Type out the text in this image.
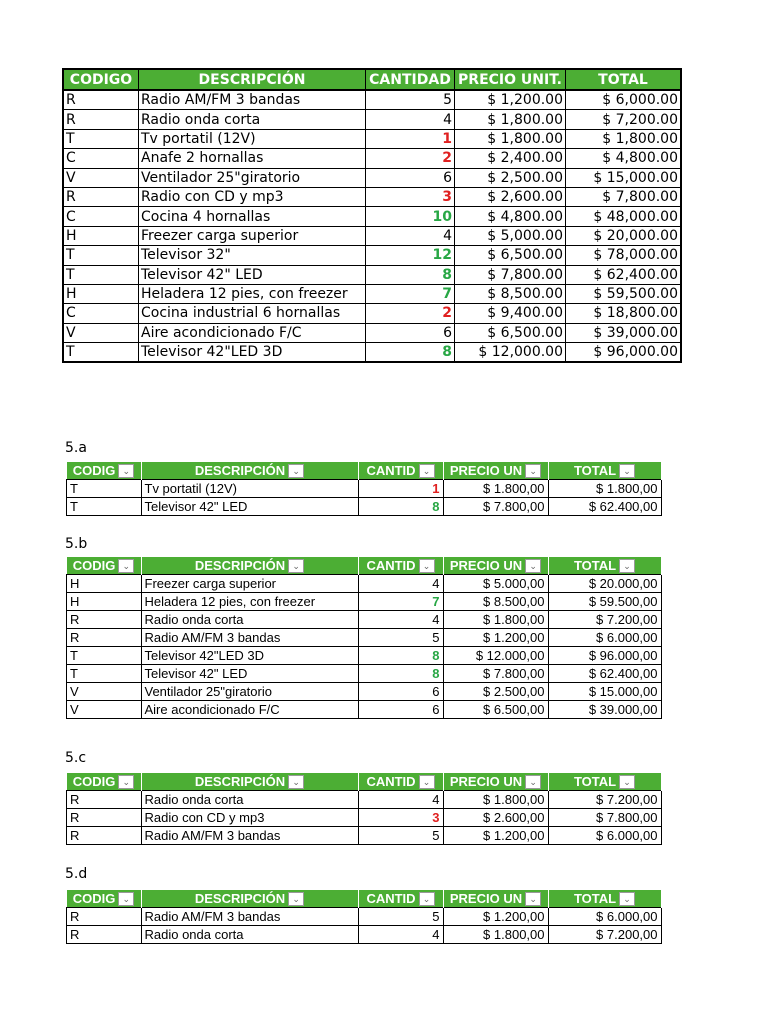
CODIGO	DESCRIPCIÓN	CANTIDAD	PRECIO UNIT.	TOTAL
R	Radio AM/FM 3 bandas	5	$ 1,200.00	$ 6,000.00
R	Radio onda corta	4	$ 1,800.00	$ 7,200.00
T	Tv portatil (12V)	1	$ 1,800.00	$ 1,800.00
C	Anafe 2 hornallas	2	$ 2,400.00	$ 4,800.00
V	Ventilador 25"giratorio	6	$ 2,500.00	$ 15,000.00
R	Radio con CD y mp3	3	$ 2,600.00	$ 7,800.00
C	Cocina 4 hornallas	10	$ 4,800.00	$ 48,000.00
H	Freezer carga superior	4	$ 5,000.00	$ 20,000.00
T	Televisor 32"	12	$ 6,500.00	$ 78,000.00
T	Televisor 42" LED	8	$ 7,800.00	$ 62,400.00
H	Heladera 12 pies, con freezer	7	$ 8,500.00	$ 59,500.00
C	Cocina industrial 6 hornallas	2	$ 9,400.00	$ 18,800.00
V	Aire acondicionado F/C	6	$ 6,500.00	$ 39,000.00
T	Televisor 42"LED 3D	8	$ 12,000.00	$ 96,000.00
5.a
CODIG ⌄	DESCRIPCIÓN ⌄	CANTID ⌄	PRECIO UN ⌄	TOTAL ⌄

T	Tv portatil (12V)	1	$ 1.800,00	$ 1.800,00
T	Televisor 42" LED	8	$ 7.800,00	$ 62.400,00
5.b
CODIG ⌄	DESCRIPCIÓN ⌄	CANTID ⌄	PRECIO UN ⌄	TOTAL ⌄

H	Freezer carga superior	4	$ 5.000,00	$ 20.000,00
H	Heladera 12 pies, con freezer	7	$ 8.500,00	$ 59.500,00
R	Radio onda corta	4	$ 1.800,00	$ 7.200,00
R	Radio AM/FM 3 bandas	5	$ 1.200,00	$ 6.000,00
T	Televisor 42"LED 3D	8	$ 12.000,00	$ 96.000,00
T	Televisor 42" LED	8	$ 7.800,00	$ 62.400,00
V	Ventilador 25"giratorio	6	$ 2.500,00	$ 15.000,00
V	Aire acondicionado F/C	6	$ 6.500,00	$ 39.000,00
5.c
CODIG ⌄	DESCRIPCIÓN ⌄	CANTID ⌄	PRECIO UN ⌄	TOTAL ⌄

R	Radio onda corta	4	$ 1.800,00	$ 7.200,00
R	Radio con CD y mp3	3	$ 2.600,00	$ 7.800,00
R	Radio AM/FM 3 bandas	5	$ 1.200,00	$ 6.000,00
5.d
CODIG ⌄	DESCRIPCIÓN ⌄	CANTID ⌄	PRECIO UN ⌄	TOTAL ⌄

R	Radio AM/FM 3 bandas	5	$ 1.200,00	$ 6.000,00
R	Radio onda corta	4	$ 1.800,00	$ 7.200,00
